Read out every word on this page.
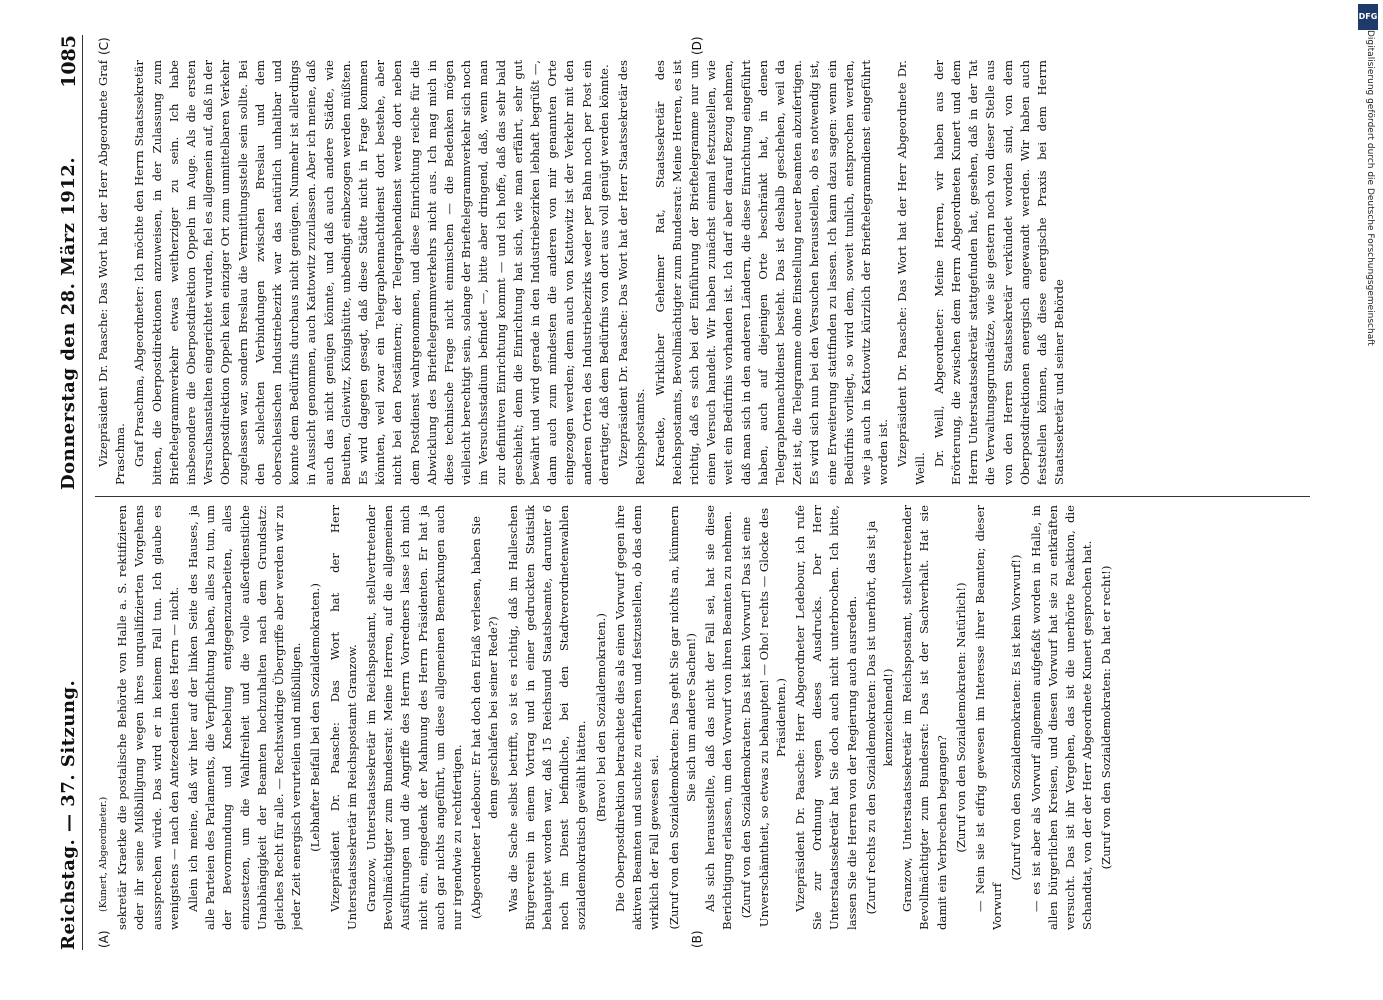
Reichstag. — 37. Sitzung.
Donnerstag den 28. März 1912.
1085
(A)	(B)
(C)	(D)

(Kunert, Abgeordneter.) sekretär Kraetke die postalische Behörde von Halle a. S. rektifizieren oder ihr seine Mißbilligung wegen ihres unqualifizierten Vorgehens aussprechen würde. Das wird er in keinem Fall tun. Ich glaube es wenigstens — nach den Antezedentien des Herrn — nicht. Allein ich meine, daß wir hier auf der linken Seite des Hauses, ja alle Parteien des Parlaments, die Verpflichtung haben, alles zu tun, um der Bevormundung und Knebelung entgegenzuarbeiten, alles einzusetzen, um die Wahlfreiheit und die volle außerdienstliche Unabhängigkeit der Beamten hochzuhalten nach dem Grundsatz: gleiches Recht für alle. — Rechtswidrige Übergriffe aber werden wir zu jeder Zeit energisch verurteilen und mißbilligen. (Lebhafter Beifall bei den Sozialdemokraten.) Vizepräsident Dr. Paasche: Das Wort hat der Herr Unterstaatssekretär im Reichspostamt Granzow. Granzow, Unterstaatssekretär im Reichspostamt, stellvertretender Bevollmächtigter zum Bundesrat: Meine Herren, auf die allgemeinen Ausführungen und die Angriffe des Herrn Vorredners lasse ich mich nicht ein, eingedenk der Mahnung des Herrn Präsidenten. Er hat ja auch gar nichts angeführt, um diese allgemeinen Bemerkungen auch nur irgendwie zu rechtfertigen. (Abgeordneter Ledebour: Er hat doch den Erlaß verlesen, haben Sie denn geschlafen bei seiner Rede?) Was die Sache selbst betrifft, so ist es richtig, daß im Halleschen Bürgerverein in einem Vortrag und in einer gedruckten Statistik behauptet worden war, daß 15 Reichsund Staatsbeamte, darunter 6 noch im Dienst befindliche, bei den Stadtverordnetenwahlen sozialdemokratisch gewählt hätten.

(Bravo! bei den Sozialdemokraten.) Die Oberpostdirektion betrachtete dies als einen Vorwurf gegen ihre aktiven Beamten und suchte zu erfahren und festzustellen, ob das denn wirklich der Fall gewesen sei. (Zuruf von den Sozialdemokraten: Das geht Sie gar nichts an, kümmern Sie sich um andere Sachen!) Als sich herausstellte, daß das nicht der Fall sei, hat sie diese Berichtigung erlassen, um den Vorwurf von ihren Beamten zu nehmen. (Zuruf von den Sozialdemokraten: Das ist kein Vorwurf! Das ist eine Unverschämtheit, so etwas zu behaupten! — Oho! rechts — Glocke des Präsidenten.) Vizepräsident Dr. Paasche: Herr Abgeordneter Ledebour, ich rufe Sie zur Ordnung wegen dieses Ausdrucks. Der Herr Unterstaatssekretär hat Sie doch auch nicht unterbrochen. Ich bitte, lassen Sie die Herren von der Regierung auch ausreden. (Zuruf rechts zu den Sozialdemokraten: Das ist unerhört, das ist ja kennzeichnend!) Granzow, Unterstaatssekretär im Reichspostamt, stellvertretender Bevollmächtigter zum Bundesrat: Das ist der Sachverhalt. Hat sie damit ein Verbrechen begangen? (Zuruf von den Sozialdemokraten: Natürlich!) — Nein sie ist eifrig gewesen im Interesse ihrer Beamten; dieser Vorwurf

(Zuruf von den Sozialdemokraten: Es ist kein Vorwurf!) — es ist aber als Vorwurf allgemein aufgefaßt worden in Halle, in allen bürgerlichen Kreisen, und diesen Vorwurf hat sie zu entkräften versucht. Das ist ihr Vergehen, das ist die unerhörte Reaktion, die Schandtat, von der der Herr Abgeordnete Kunert gesprochen hat. (Zuruf von den Sozialdemokraten: Da hat er recht!)

Vizepräsident Dr. Paasche: Das Wort hat der Herr Abgeordnete Graf Praschma. Graf Praschma, Abgeordneter: Ich möchte den Herrn Staatssekretär bitten, die Oberpostdirektionen anzuweisen, in der Zulassung zum Brieftelegrammverkehr etwas weitherziger zu sein. Ich habe insbesondere die Oberpostdirektion Oppeln im Auge. Als die ersten Versuchsanstalten eingerichtet wurden, fiel es allgemein auf, daß in der Oberpostdirektion Oppeln kein einziger Ort zum unmittelbaren Verkehr zugelassen war, sondern Breslau die Vermittlungsstelle sein sollte. Bei den schlechten Verbindungen zwischen Breslau und dem oberschlesischen Industriebezirk war das natürlich unhaltbar und konnte dem Bedürfnis durchaus nicht genügen. Nunmehr ist allerdings in Aussicht genommen, auch Kattowitz zuzulassen. Aber ich meine, daß auch das nicht genügen könnte, und daß auch andere Städte, wie Beuthen, Gleiwitz, Königshütte, unbedingt einbezogen werden müßten. Es wird dagegen gesagt, daß diese Städte nicht in Frage kommen könnten, weil zwar ein Telegraphennachtdienst dort bestehe, aber nicht bei den Postämtern; der Telegraphendienst werde dort neben dem Postdienst wahrgenommen, und diese Einrichtung reiche für die Abwicklung des Brieftelegrammverkehrs nicht aus. Ich mag mich in diese technische Frage nicht einmischen — die Bedenken mögen vielleicht berechtigt sein, solange der Brieftelegrammverkehr sich noch im Versuchsstadium befindet —, bitte aber dringend, daß, wenn man zur definitiven Einrichtung kommt — und ich hoffe, daß das sehr bald geschieht; denn die Einrichtung hat sich, wie man erfährt, sehr gut bewährt und wird gerade in den Industriebezirken lebhaft begrüßt —, dann auch zum mindesten die anderen von mir genannten Orte eingezogen werden; denn auch von Kattowitz ist der Verkehr mit den anderen Orten des Industriebezirks weder per Bahn noch per Post ein derartiger, daß dem Bedürfnis von dort aus voll genügt werden könnte. Vizepräsident Dr. Paasche: Das Wort hat der Herr Staatssekretär des Reichspostamts. Kraetke, Wirklicher Geheimer Rat, Staatssekretär des Reichspostamts, Bevollmächtigter zum Bundesrat: Meine Herren, es ist richtig, daß es sich bei der Einführung der Brieftelegramme nur um einen Versuch handelt. Wir haben zunächst einmal festzustellen, wie weit ein Bedürfnis vorhanden ist. Ich darf aber darauf Bezug nehmen, daß man sich in den anderen Ländern, die diese Einrichtung eingeführt haben, auch auf diejenigen Orte beschränkt hat, in denen Telegraphennachtdienst besteht. Das ist deshalb geschehen, weil da Zeit ist, die Telegramme ohne Einstellung neuer Beamten abzufertigen. Es wird sich nun bei den Versuchen herausstellen, ob es notwendig ist, eine Erweiterung stattfinden zu lassen. Ich kann dazu sagen: wenn ein Bedürfnis vorliegt, so wird dem, soweit tunlich, entsprochen werden, wie ja auch in Kattowitz kürzlich der Brieftelegrammdienst eingeführt worden ist. Vizepräsident Dr. Paasche: Das Wort hat der Herr Abgeordnete Dr. Weill.

Dr. Weill, Abgeordneter: Meine Herren, wir haben aus der Erörterung, die zwischen dem Herrn Abgeordneten Kunert und dem Herrn Unterstaatssekretär stattgefunden hat, gesehen, daß in der Tat die Verwaltungsgrundsätze, wie sie gestern noch von dieser Stelle aus von den Herren Staatssekretär verkündet worden sind, von dem Oberpostdirektionen energisch angewandt werden. Wir haben auch feststellen können, daß diese energische Praxis bei dem Herrn Staatssekretär und seiner Behörde

DFG
Digitalisierung gefördert durch die Deutsche Forschungsgemeinschaft
